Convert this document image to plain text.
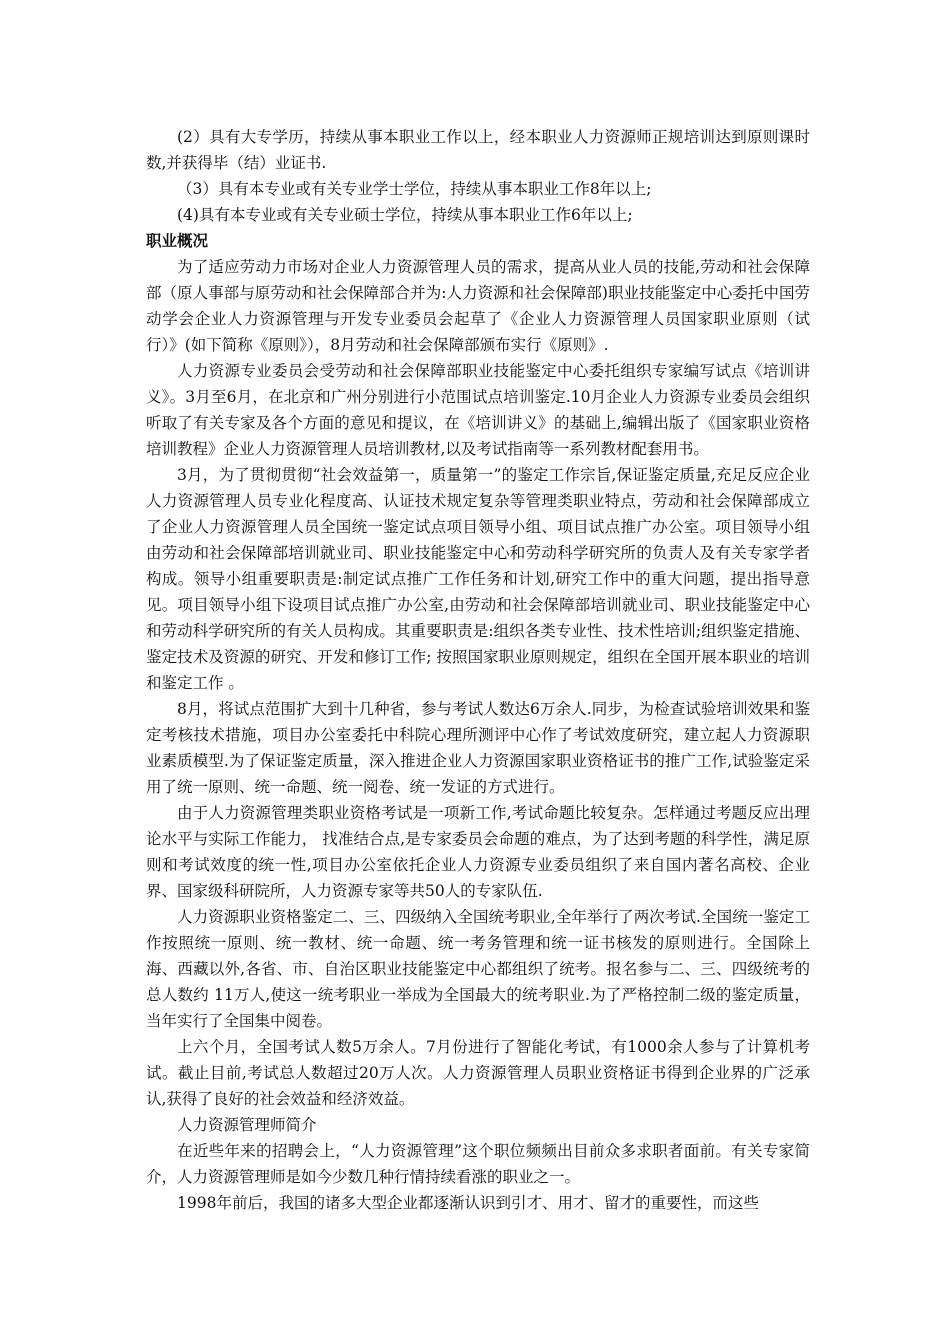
(2）具有大专学历，持续从事本职业工作以上，经本职业人力资源师正规培训达到原则课时数,并获得毕（结）业证书.

（3）具有本专业或有关专业学士学位，持续从事本职业工作8年以上;

(4)具有本专业或有关专业硕士学位，持续从事本职业工作6年以上;

职业概况

为了适应劳动力市场对企业人力资源管理人员的需求，提高从业人员的技能,劳动和社会保障部（原人事部与原劳动和社会保障部合并为:人力资源和社会保障部)职业技能鉴定中心委托中国劳动学会企业人力资源管理与开发专业委员会起草了《企业人力资源管理人员国家职业原则（试行）》(如下简称《原则》），8月劳动和社会保障部颁布实行《原则》.

人力资源专业委员会受劳动和社会保障部职业技能鉴定中心委托组织专家编写试点《培训讲义》。3月至6月，在北京和广州分别进行小范围试点培训鉴定.10月企业人力资源专业委员会组织听取了有关专家及各个方面的意见和提议，在《培训讲义》的基础上,编辑出版了《国家职业资格培训教程》企业人力资源管理人员培训教材,以及考试指南等一系列教材配套用书。

3月，为了贯彻贯彻“社会效益第一，质量第一”的鉴定工作宗旨,保证鉴定质量,充足反应企业人力资源管理人员专业化程度高、认证技术规定复杂等管理类职业特点，劳动和社会保障部成立了企业人力资源管理人员全国统一鉴定试点项目领导小组、项目试点推广办公室。项目领导小组由劳动和社会保障部培训就业司、职业技能鉴定中心和劳动科学研究所的负责人及有关专家学者构成。领导小组重要职责是:制定试点推广工作任务和计划,研究工作中的重大问题，提出指导意见。项目领导小组下设项目试点推广办公室,由劳动和社会保障部培训就业司、职业技能鉴定中心和劳动科学研究所的有关人员构成。其重要职责是:组织各类专业性、技术性培训;组织鉴定措施、鉴定技术及资源的研究、开发和修订工作; 按照国家职业原则规定，组织在全国开展本职业的培训和鉴定工作 。

8月，将试点范围扩大到十几种省，参与考试人数达6万余人.同步，为检查试验培训效果和鉴定考核技术措施，项目办公室委托中科院心理所测评中心作了考试效度研究，建立起人力资源职业素质模型.为了保证鉴定质量，深入推进企业人力资源国家职业资格证书的推广工作,试验鉴定采用了统一原则、统一命题、统一阅卷、统一发证的方式进行。

由于人力资源管理类职业资格考试是一项新工作,考试命题比较复杂。怎样通过考题反应出理论水平与实际工作能力， 找准结合点,是专家委员会命题的难点，为了达到考题的科学性，满足原则和考试效度的统一性,项目办公室依托企业人力资源专业委员组织了来自国内著名高校、企业界、国家级科研院所，人力资源专家等共50人的专家队伍.

人力资源职业资格鉴定二、三、四级纳入全国统考职业,全年举行了两次考试.全国统一鉴定工作按照统一原则、统一教材、统一命题、统一考务管理和统一证书核发的原则进行。全国除上海、西藏以外,各省、市、自治区职业技能鉴定中心都组织了统考。报名参与二、三、四级统考的总人数约 11万人,使这一统考职业一举成为全国最大的统考职业.为了严格控制二级的鉴定质量，当年实行了全国集中阅卷。

上六个月，全国考试人数5万余人。7月份进行了智能化考试，有1000余人参与了计算机考试。截止目前,考试总人数超过20万人次。人力资源管理人员职业资格证书得到企业界的广泛承认,获得了良好的社会效益和经济效益。

人力资源管理师简介

在近些年来的招聘会上，“人力资源管理”这个职位频频出目前众多求职者面前。有关专家简介，人力资源管理师是如今少数几种行情持续看涨的职业之一。

1998年前后，我国的诸多大型企业都逐渐认识到引才、用才、留才的重要性，而这些
